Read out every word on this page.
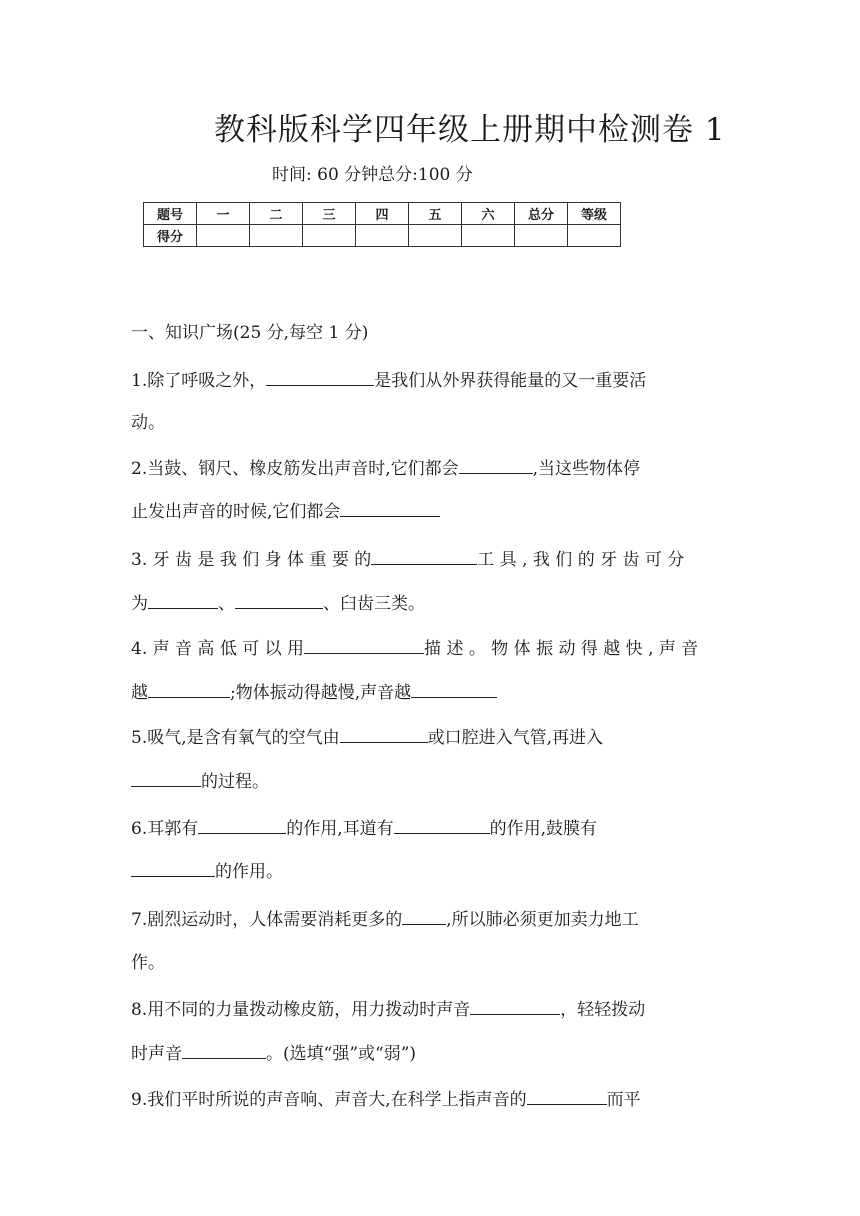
教科版科学四年级上册期中检测卷 1
时间: 60 分钟总分:100 分
题号	一	二	三	四	五	六	总分	等级
得分								
一、知识广场(25 分,每空 1 分)
1.除了呼吸之外，	是我们从外界获得能量的又一重要活
动。
2.当鼓、钢尺、橡皮筋发出声音时,它们都会	,当这些物体停
止发出声音的时候,它们都会
3. 牙 齿 是 我 们 身 体 重 要 的	工 具 , 我 们 的 牙 齿 可 分
为	、	、臼齿三类。
4. 声 音 高 低 可 以 用	描 述 。 物 体 振 动 得 越 快 , 声 音
越	;物体振动得越慢,声音越
5.吸气,是含有氧气的空气由	或口腔进入气管,再进入
的过程。
6.耳郭有	的作用,耳道有	的作用,鼓膜有
的作用。
7.剧烈运动时，人体需要消耗更多的	,所以肺必须更加卖力地工
作。
8.用不同的力量拨动橡皮筋，用力拨动时声音	，轻轻拨动
时声音	。(选填“强”或“弱”)
9.我们平时所说的声音响、声音大,在科学上指声音的	而平
